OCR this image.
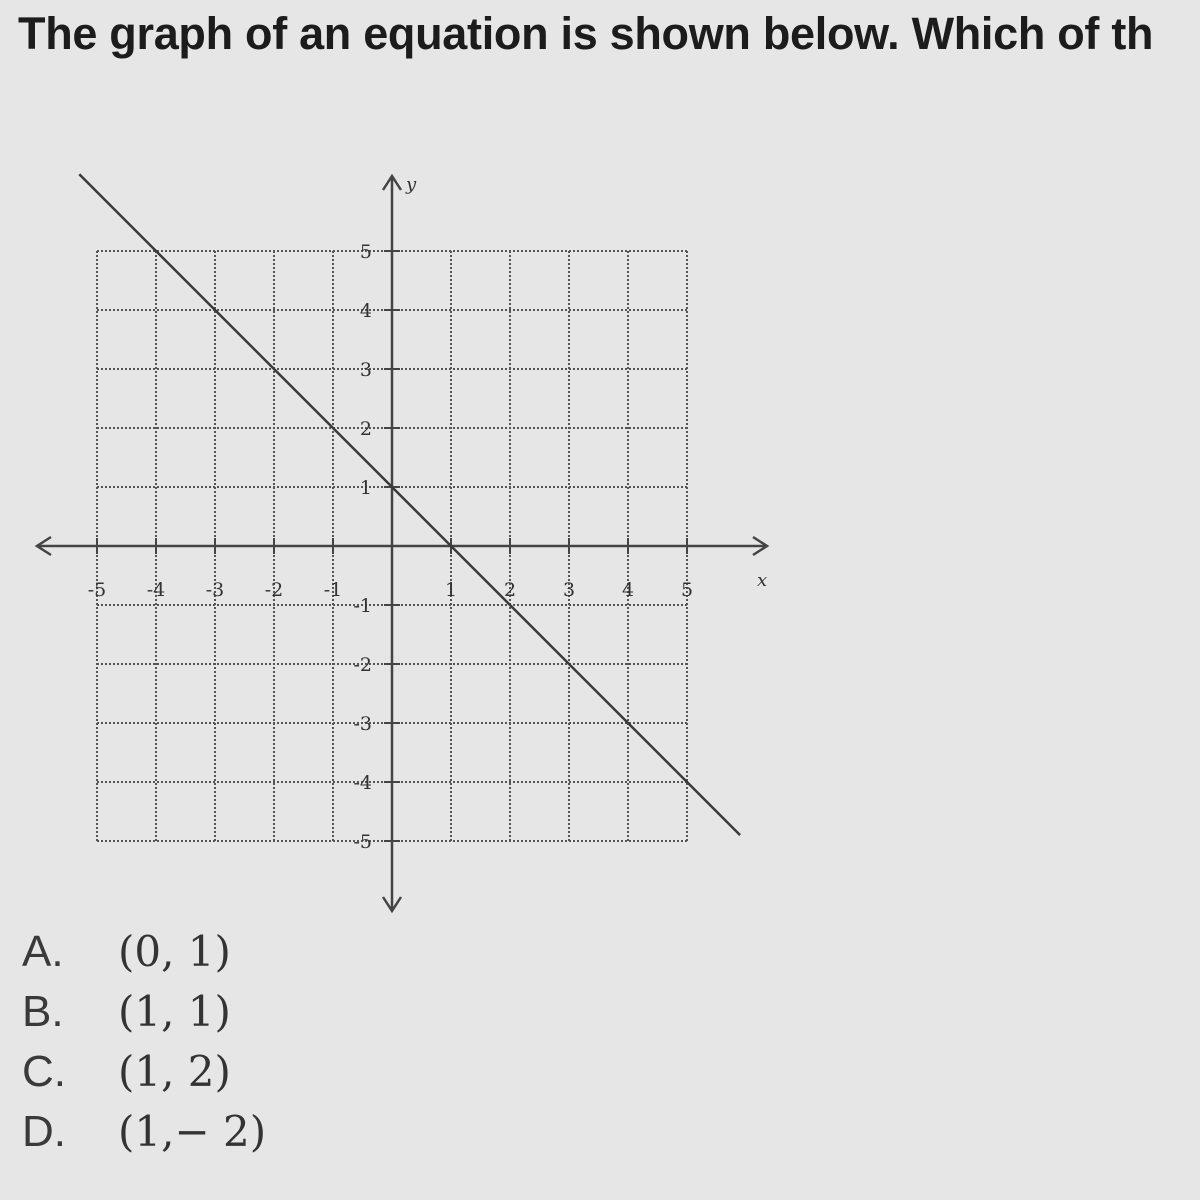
The graph of an equation is shown below. Which of th
x
y
-5 -4 -3 -2 -1	1 2 3 4 5
5
4
3
2
1
-1
-2
-3
-4
-5
A. (0, 1)
B. (1, 1)
C. (1, 2)
D. (1,− 2)
